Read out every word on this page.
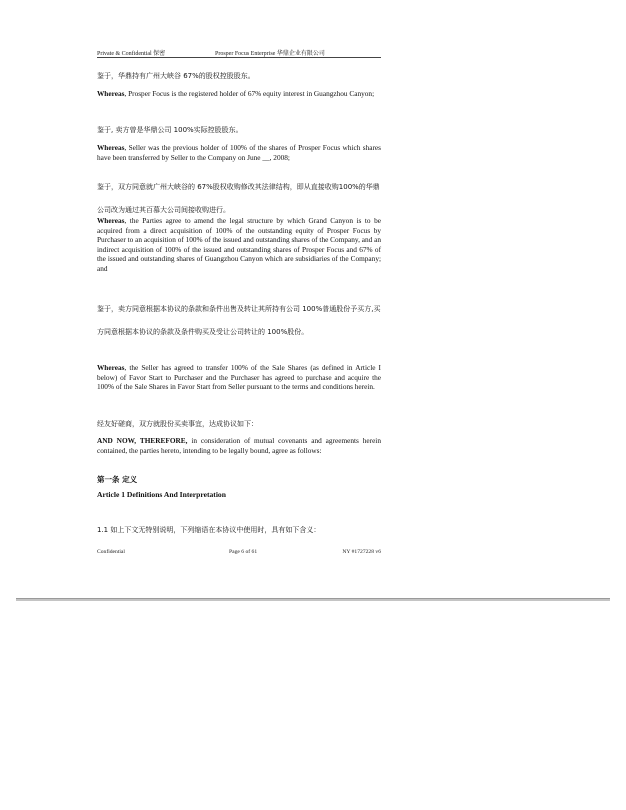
Private & Confidential 保密	Prosper Focus Enterprise 华鼎企业有限公司
鉴于，华鼎持有广州大峡谷 67%的股权控股股东。
Whereas, Prosper Focus is the registered holder of 67% equity interest in Guangzhou Canyon;
鉴于, 卖方曾是华鼎公司 100%实际控股股东。
Whereas, Seller was the previous holder of 100% of the shares of Prosper Focus which shares have been transferred by Seller to the Company on June __, 2008;
鉴于，双方同意就广州大峡谷的 67%股权收购修改其法律结构，即从直接收购100%的华鼎公司改为通过其百慕大公司间接收购进行。
Whereas, the Parties agree to amend the legal structure by which Grand Canyon is to be acquired from a direct acquisition of 100% of the outstanding equity of Prosper Focus by Purchaser to an acquisition of 100% of the issued and outstanding shares of the Company, and an indirect acquisition of 100% of the issued and outstanding shares of Prosper Focus and 67% of the issued and outstanding shares of Guangzhou Canyon which are subsidiaries of the Company; and
鉴于，卖方同意根据本协议的条款和条件出售及转让其所持有公司 100%普通股份予买方,买方同意根据本协议的条款及条件购买及受让公司转让的 100%股份。
Whereas, the Seller has agreed to transfer 100% of the Sale Shares (as defined in Article I below) of Favor Start to Purchaser and the Purchaser has agreed to purchase and acquire the 100% of the Sale Shares in Favor Start from Seller pursuant to the terms and conditions herein.
经友好磋商，双方就股份买卖事宜，达成协议如下：
AND NOW, THEREFORE, in consideration of mutual covenants and agreements herein contained, the parties hereto, intending to be legally bound, agree as follows:
第一条 定义
Article 1 Definitions And Interpretation
1.1 如上下文无特别说明，下列缩语在本协议中使用时，具有如下含义：
Confidential	Page 6 of 61	NY #1727228 v6
